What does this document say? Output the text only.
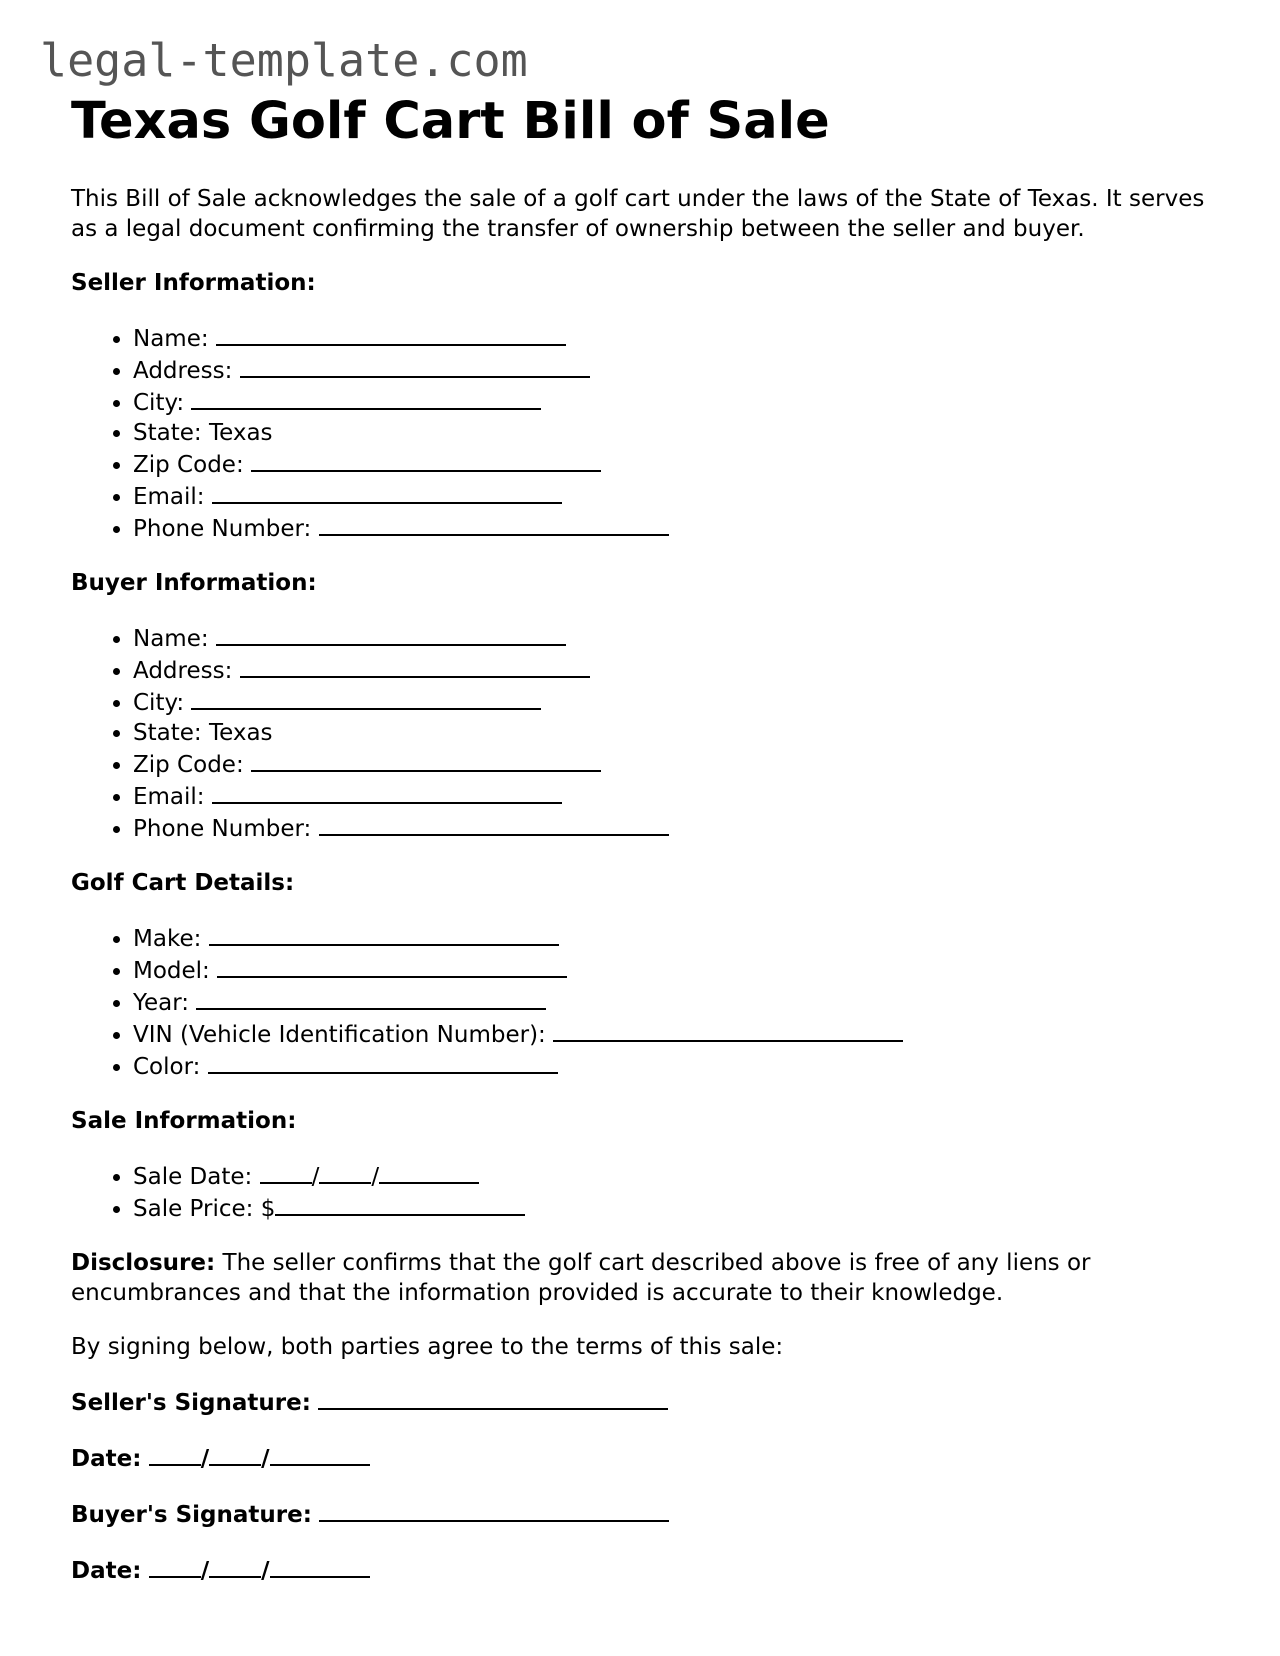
legal-template.com
Texas Golf Cart Bill of Sale

This Bill of Sale acknowledges the sale of a golf cart under the laws of the State of Texas. It serves as a legal document confirming the transfer of ownership between the seller and buyer.

Seller Information:
• Name:
• Address:
• City:
• State: Texas
• Zip Code:
• Email:
• Phone Number:
Buyer Information:
• Name:
• Address:
• City:
• State: Texas
• Zip Code:
• Email:
• Phone Number:
Golf Cart Details:
• Make:
• Model:
• Year:
• VIN (Vehicle Identification Number):
• Color:
Sale Information:
• Sale Date:	/ /
• Sale Price: $

Disclosure: The seller confirms that the golf cart described above is free of any liens or encumbrances and that the information provided is accurate to their knowledge.

By signing below, both parties agree to the terms of this sale:

Seller's Signature:
Date:	/ /
Buyer's Signature:
Date:	/ /
